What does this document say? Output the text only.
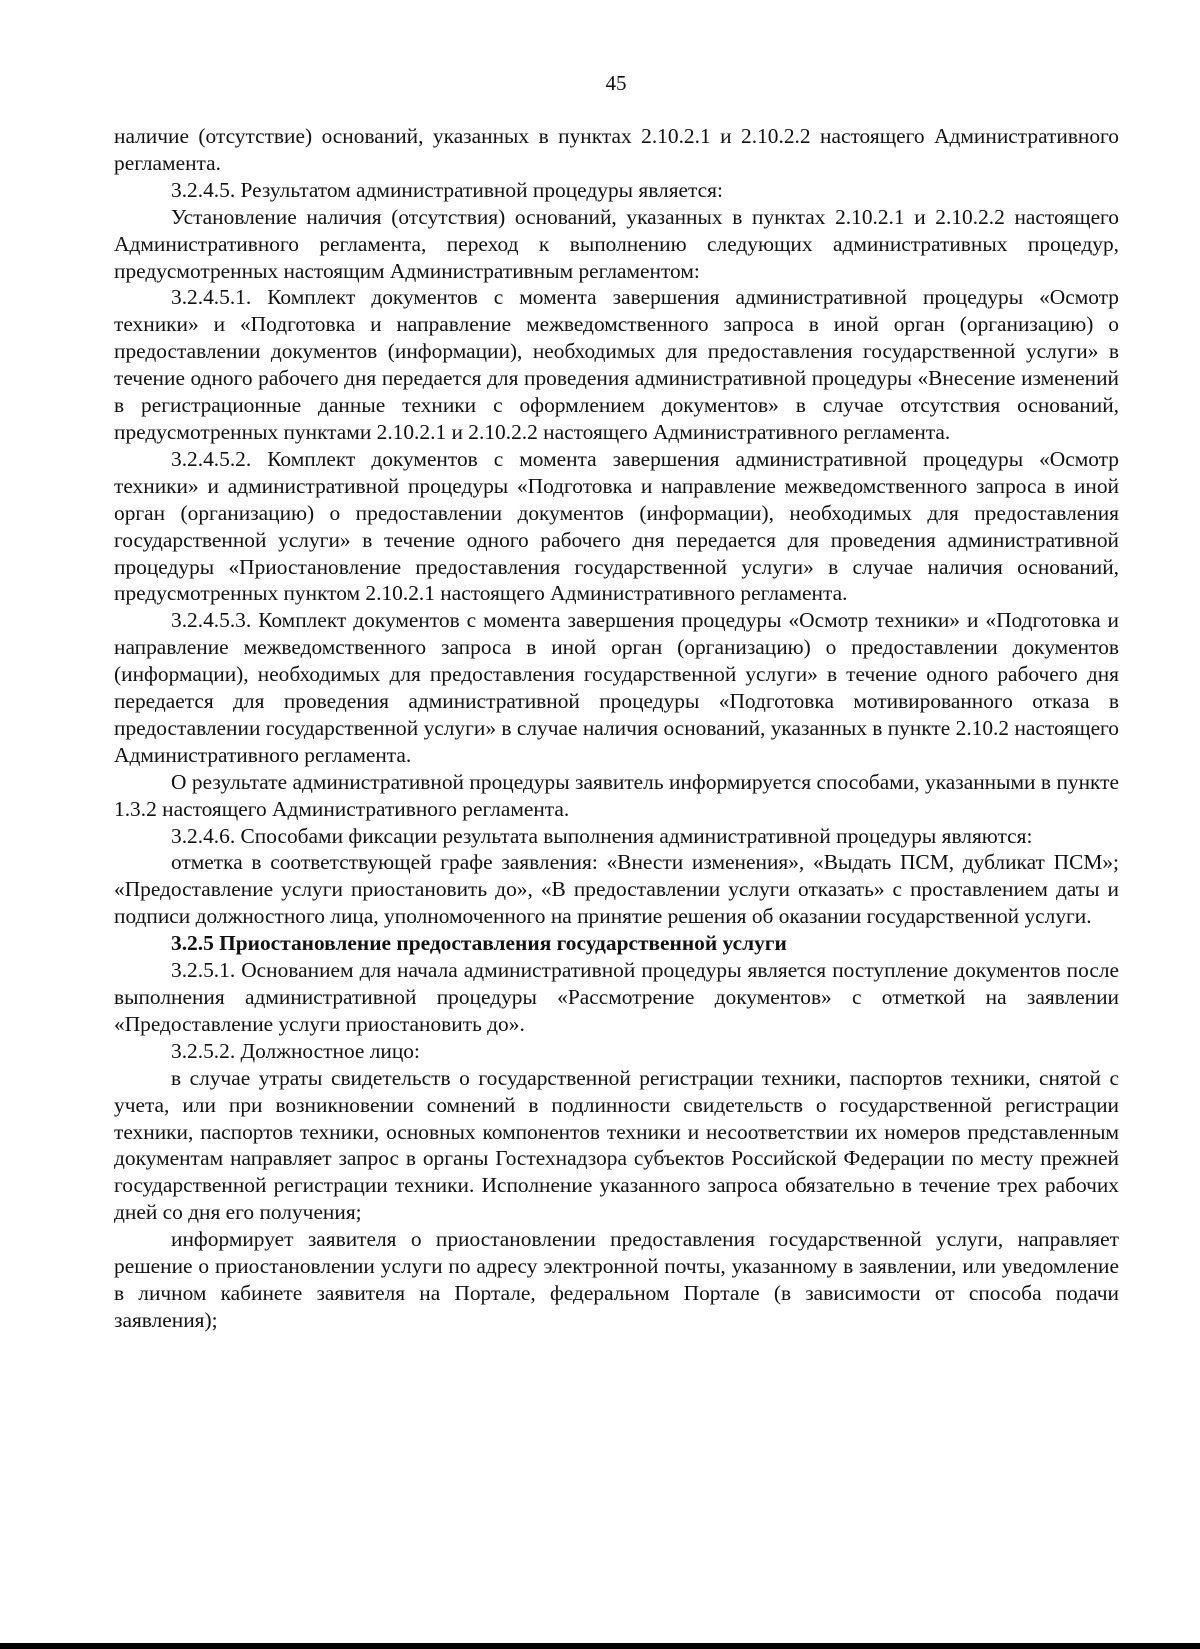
45

наличие (отсутствие) оснований, указанных в пунктах 2.10.2.1 и 2.10.2.2 настоящего Административного регламента.

3.2.4.5. Результатом административной процедуры является:

Установление наличия (отсутствия) оснований, указанных в пунктах 2.10.2.1 и 2.10.2.2 настоящего Административного регламента, переход к выполнению следующих административных процедур, предусмотренных настоящим Административным регламентом:

3.2.4.5.1. Комплект документов с момента завершения административной процедуры «Осмотр техники» и «Подготовка и направление межведомственного запроса в иной орган (организацию) о предоставлении документов (информации), необходимых для предоставления государственной услуги» в течение одного рабочего дня передается для проведения административной процедуры «Внесение изменений в регистрационные данные техники с оформлением документов» в случае отсутствия оснований, предусмотренных пунктами 2.10.2.1 и 2.10.2.2 настоящего Административного регламента.

3.2.4.5.2. Комплект документов с момента завершения административной процедуры «Осмотр техники» и административной процедуры «Подготовка и направление межведомственного запроса в иной орган (организацию) о предоставлении документов (информации), необходимых для предоставления государственной услуги» в течение одного рабочего дня передается для проведения административной процедуры «Приостановление предоставления государственной услуги» в случае наличия оснований, предусмотренных пунктом 2.10.2.1 настоящего Административного регламента.

3.2.4.5.3. Комплект документов с момента завершения процедуры «Осмотр техники» и «Подготовка и направление межведомственного запроса в иной орган (организацию) о предоставлении документов (информации), необходимых для предоставления государственной услуги» в течение одного рабочего дня передается для проведения административной процедуры «Подготовка мотивированного отказа в предоставлении государственной услуги» в случае наличия оснований, указанных в пункте 2.10.2 настоящего Административного регламента.

О результате административной процедуры заявитель информируется способами, указанными в пункте 1.3.2 настоящего Административного регламента.

3.2.4.6. Способами фиксации результата выполнения административной процедуры являются:

отметка в соответствующей графе заявления: «Внести изменения», «Выдать ПСМ, дубликат ПСМ»; «Предоставление услуги приостановить до», «В предоставлении услуги отказать» с проставлением даты и подписи должностного лица, уполномоченного на принятие решения об оказании государственной услуги.

3.2.5 Приостановление предоставления государственной услуги

3.2.5.1. Основанием для начала административной процедуры является поступление документов после выполнения административной процедуры «Рассмотрение документов» с отметкой на заявлении «Предоставление услуги приостановить до».

3.2.5.2. Должностное лицо:

в случае утраты свидетельств о государственной регистрации техники, паспортов техники, снятой с учета, или при возникновении сомнений в подлинности свидетельств о государственной регистрации техники, паспортов техники, основных компонентов техники и несоответствии их номеров представленным документам направляет запрос в органы Гостехнадзора субъектов Российской Федерации по месту прежней государственной регистрации техники. Исполнение указанного запроса обязательно в течение трех рабочих дней со дня его получения;

информирует заявителя о приостановлении предоставления государственной услуги, направляет решение о приостановлении услуги по адресу электронной почты, указанному в заявлении, или уведомление в личном кабинете заявителя на Портале, федеральном Портале (в зависимости от способа подачи заявления);
